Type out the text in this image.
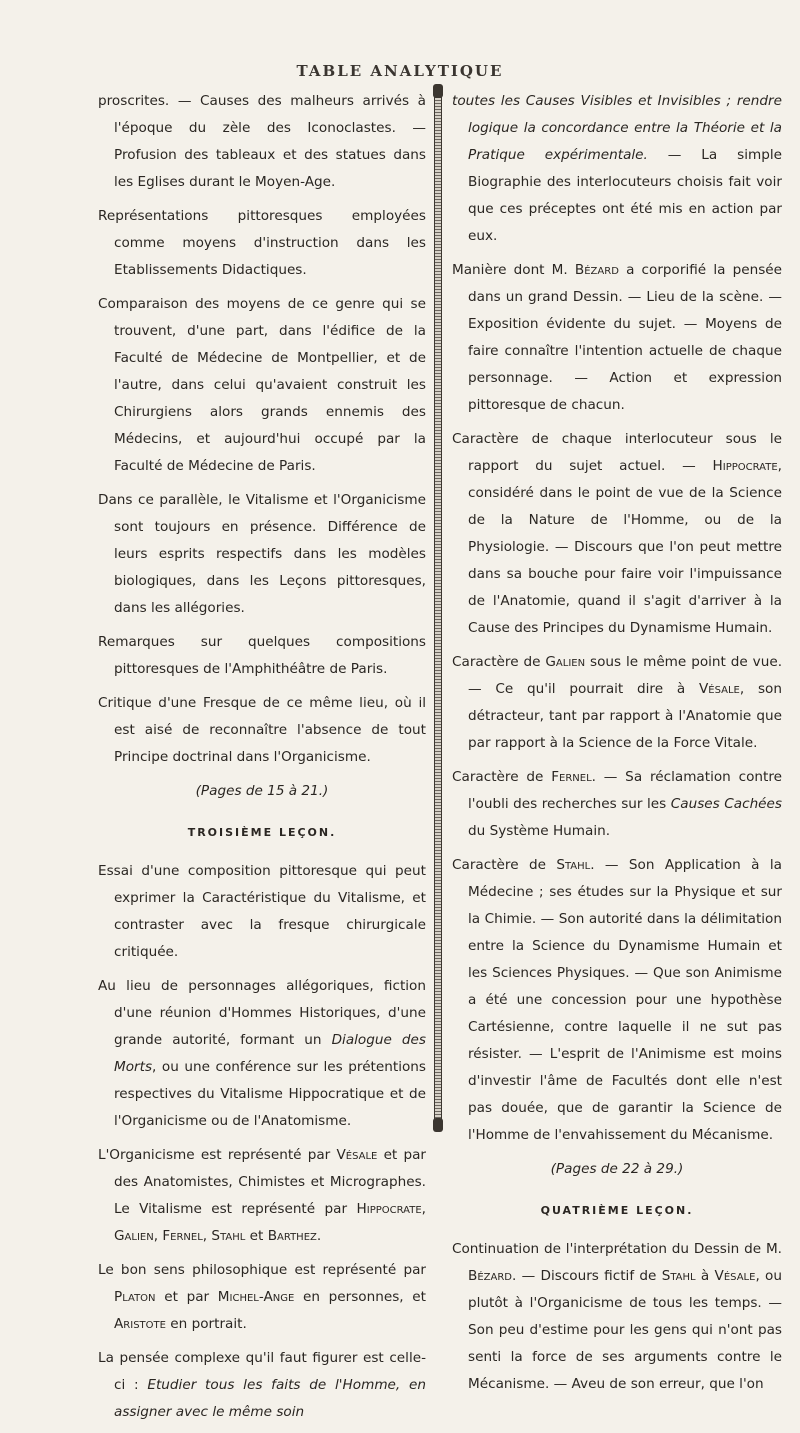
TABLE ANALYTIQUE

proscrites. — Causes des malheurs arrivés à l'époque du zèle des Iconoclastes. — Profusion des tableaux et des statues dans les Eglises durant le Moyen-Age.

Représentations pittoresques employées comme moyens d'instruction dans les Etablissements Didactiques.

Comparaison des moyens de ce genre qui se trouvent, d'une part, dans l'édifice de la Faculté de Médecine de Montpellier, et de l'autre, dans celui qu'avaient construit les Chirurgiens alors grands ennemis des Médecins, et aujourd'hui occupé par la Faculté de Médecine de Paris.

Dans ce parallèle, le Vitalisme et l'Organicisme sont toujours en présence. Différence de leurs esprits respectifs dans les modèles biologiques, dans les Leçons pittoresques, dans les allégories.

Remarques sur quelques compositions pittoresques de l'Amphithéâtre de Paris.

Critique d'une Fresque de ce même lieu, où il est aisé de reconnaître l'absence de tout Principe doctrinal dans l'Organicisme.

(Pages de 15 à 21.)

TROISIÈME LEÇON.

Essai d'une composition pittoresque qui peut exprimer la Caractéristique du Vitalisme, et contraster avec la fresque chirurgicale critiquée.

Au lieu de personnages allégoriques, fiction d'une réunion d'Hommes Historiques, d'une grande autorité, formant un Dialogue des Morts, ou une conférence sur les prétentions respectives du Vitalisme Hippocratique et de l'Organicisme ou de l'Anatomisme.

L'Organicisme est représenté par Vésale et par des Anatomistes, Chimistes et Micrographes. Le Vitalisme est représenté par Hippocrate, Galien, Fernel, Stahl et Barthez.

Le bon sens philosophique est représenté par Platon et par Michel-Ange en personnes, et Aristote en portrait.

La pensée complexe qu'il faut figurer est celle-ci : Etudier tous les faits de l'Homme, en assigner avec le même soin

toutes les Causes Visibles et Invisibles ; rendre logique la concordance entre la Théorie et la Pratique expérimentale. — La simple Biographie des interlocuteurs choisis fait voir que ces préceptes ont été mis en action par eux.

Manière dont M. Bézard a corporifié la pensée dans un grand Dessin. — Lieu de la scène. — Exposition évidente du sujet. — Moyens de faire connaître l'intention actuelle de chaque personnage. — Action et expression pittoresque de chacun.

Caractère de chaque interlocuteur sous le rapport du sujet actuel. — Hippocrate, considéré dans le point de vue de la Science de la Nature de l'Homme, ou de la Physiologie. — Discours que l'on peut mettre dans sa bouche pour faire voir l'impuissance de l'Anatomie, quand il s'agit d'arriver à la Cause des Principes du Dynamisme Humain.

Caractère de Galien sous le même point de vue. — Ce qu'il pourrait dire à Vésale, son détracteur, tant par rapport à l'Anatomie que par rapport à la Science de la Force Vitale.

Caractère de Fernel. — Sa réclamation contre l'oubli des recherches sur les Causes Cachées du Système Humain.

Caractère de Stahl. — Son Application à la Médecine ; ses études sur la Physique et sur la Chimie. — Son autorité dans la délimitation entre la Science du Dynamisme Humain et les Sciences Physiques. — Que son Animisme a été une concession pour une hypothèse Cartésienne, contre laquelle il ne sut pas résister. — L'esprit de l'Animisme est moins d'investir l'âme de Facultés dont elle n'est pas douée, que de garantir la Science de l'Homme de l'envahissement du Mécanisme.

(Pages de 22 à 29.)

QUATRIÈME LEÇON.

Continuation de l'interprétation du Dessin de M. Bézard. — Discours fictif de Stahl à Vésale, ou plutôt à l'Organicisme de tous les temps. — Son peu d'estime pour les gens qui n'ont pas senti la force de ses arguments contre le Mécanisme. — Aveu de son erreur, que l'on
